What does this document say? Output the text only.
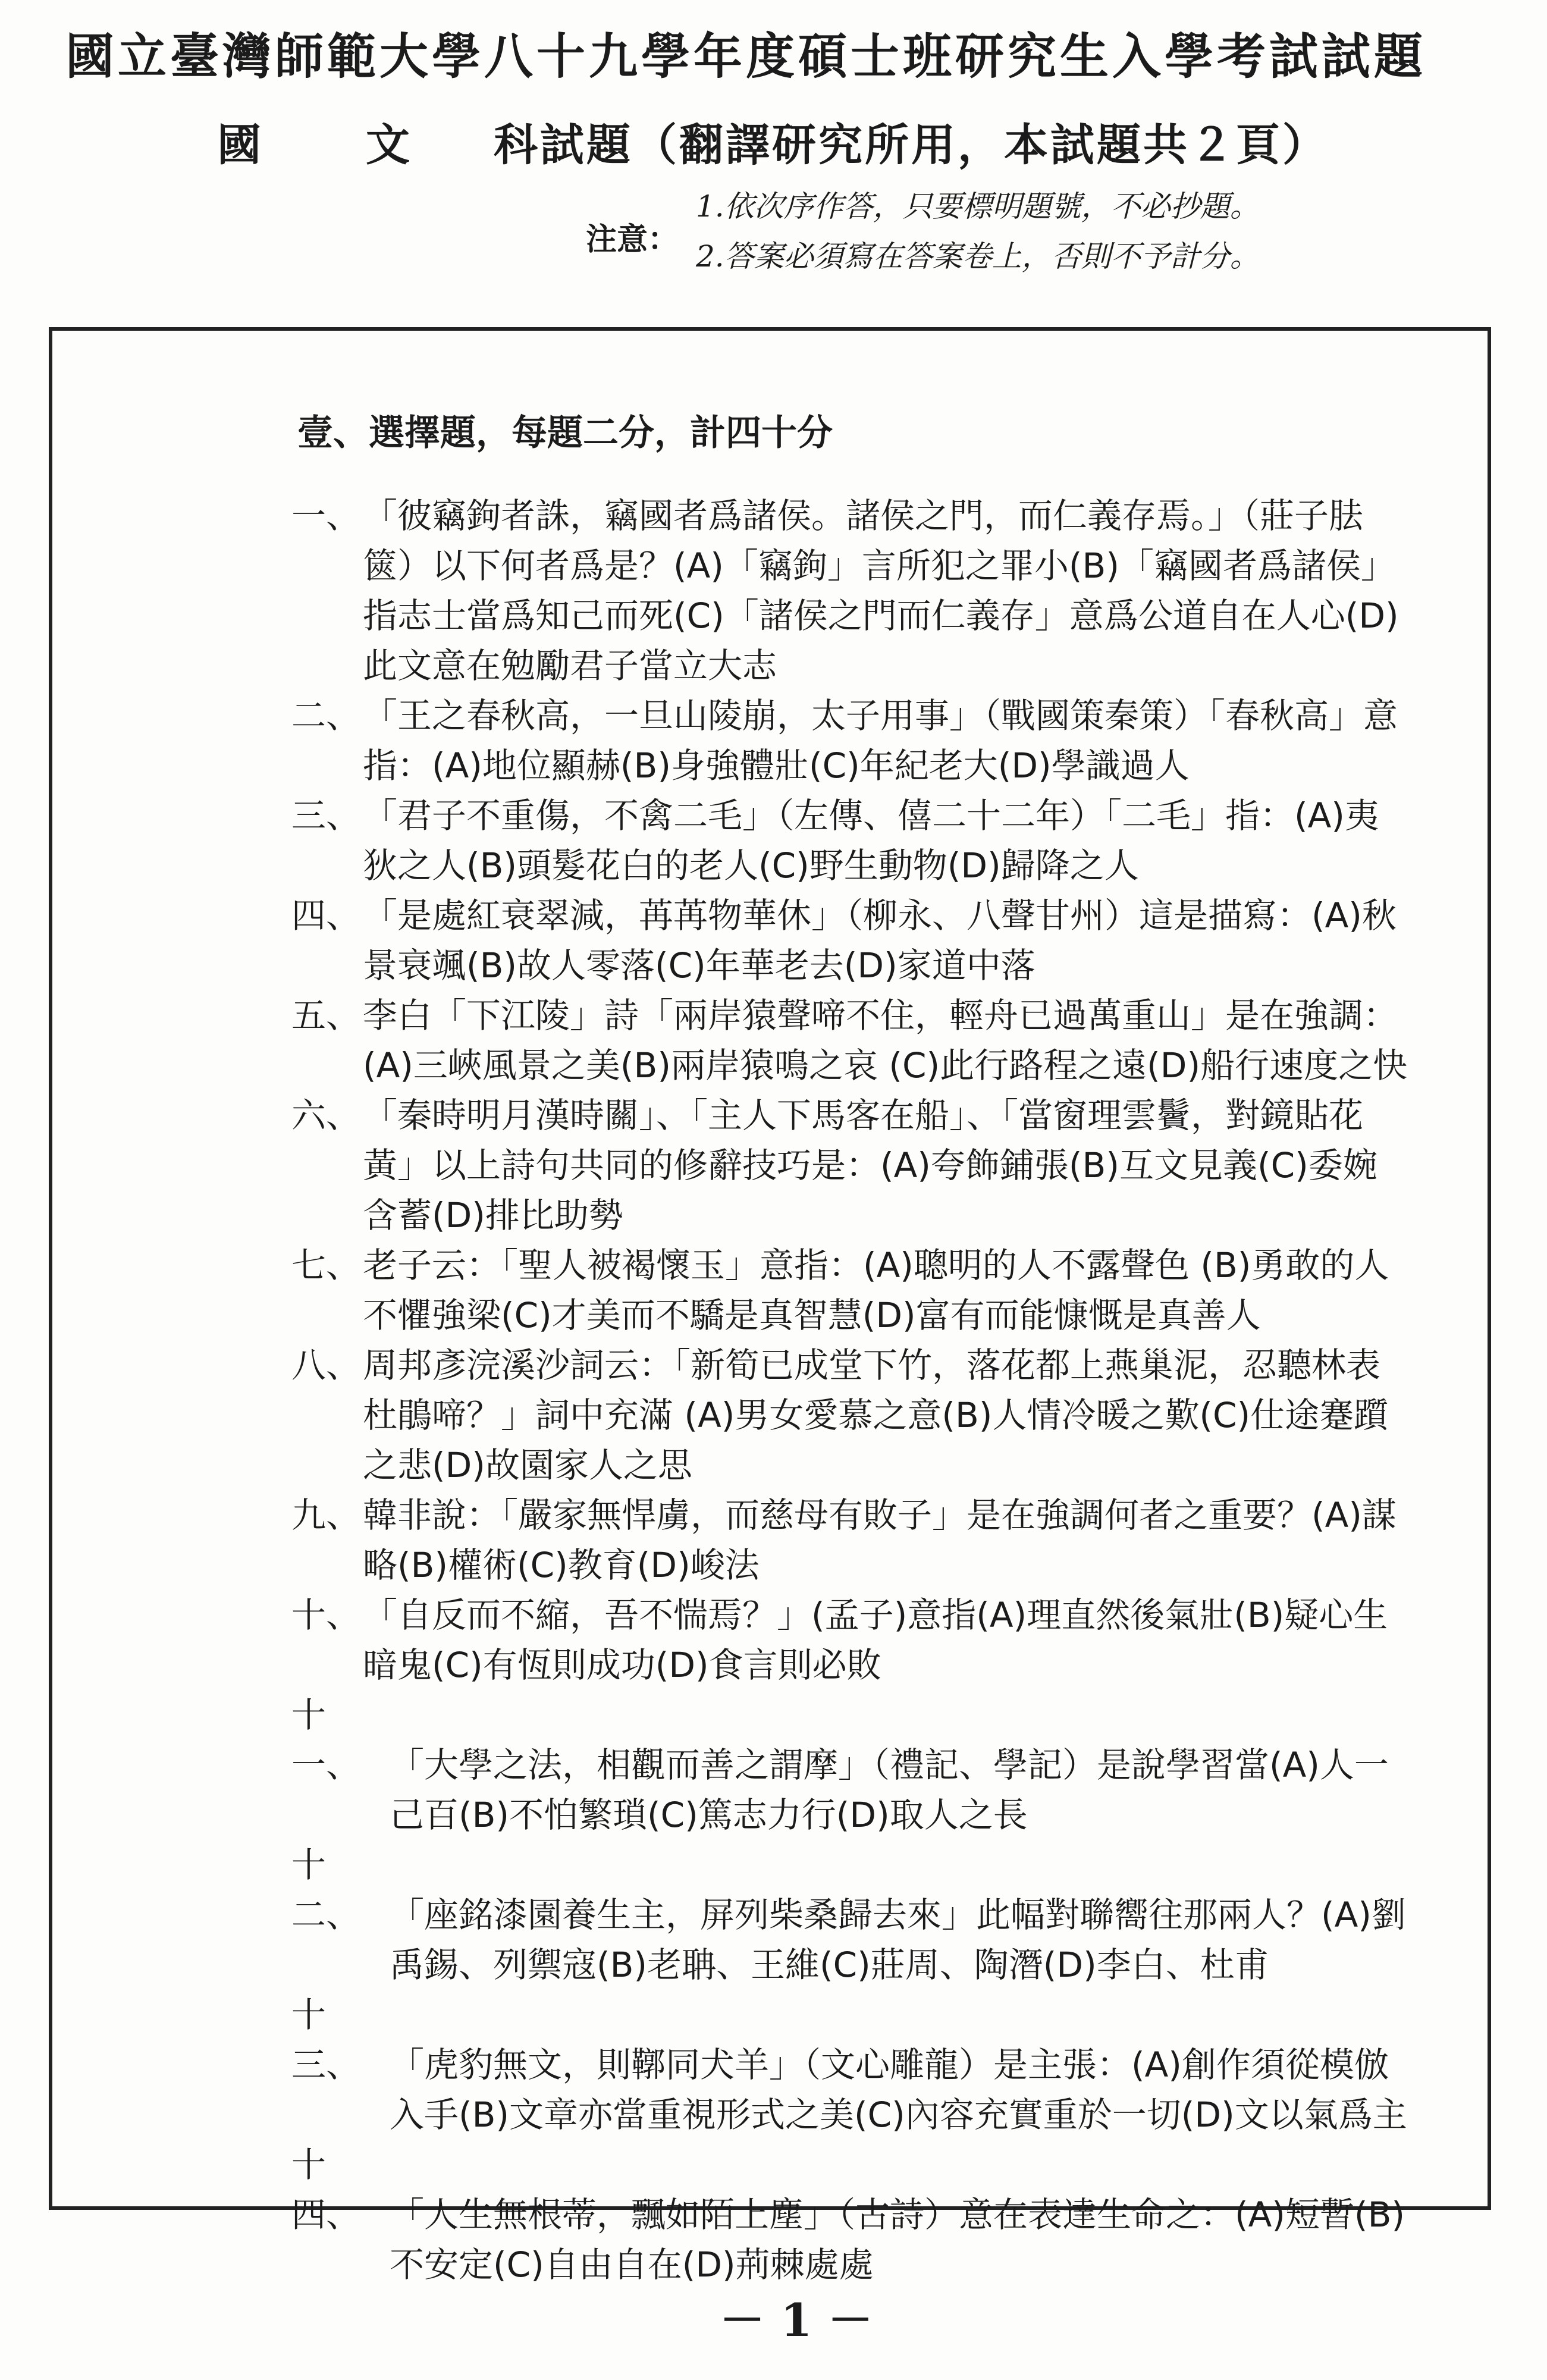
國立臺灣師範大學八十九學年度碩士班研究生入學考試試題
國 文 科試題（翻譯研究所用，本試題共２頁）
注意：
1.依次序作答，只要標明題號，不必抄題。
2.答案必須寫在答案卷上，否則不予計分。
壹、選擇題，每題二分，計四十分

一、「彼竊鉤者誅，竊國者爲諸侯。諸侯之門，而仁義存焉。」（莊子胠篋）以下何者爲是？(A)「竊鉤」言所犯之罪小(B)「竊國者爲諸侯」指志士當爲知己而死(C)「諸侯之門而仁義存」意爲公道自在人心(D)此文意在勉勵君子當立大志

二、「王之春秋高，一旦山陵崩，太子用事」（戰國策秦策）「春秋高」意指：(A)地位顯赫(B)身強體壯(C)年紀老大(D)學識過人

三、「君子不重傷，不禽二毛」（左傳、僖二十二年）「二毛」指：(A)夷狄之人(B)頭髮花白的老人(C)野生動物(D)歸降之人

四、「是處紅衰翠減，苒苒物華休」（柳永、八聲甘州）這是描寫：(A)秋景衰颯(B)故人零落(C)年華老去(D)家道中落

五、李白「下江陵」詩「兩岸猿聲啼不住，輕舟已過萬重山」是在強調：(A)三峽風景之美(B)兩岸猿鳴之哀 (C)此行路程之遠(D)船行速度之快

六、「秦時明月漢時關」、「主人下馬客在船」、「當窗理雲鬢，對鏡貼花黃」以上詩句共同的修辭技巧是：(A)夸飾鋪張(B)互文見義(C)委婉含蓄(D)排比助勢

七、老子云：「聖人被褐懷玉」意指：(A)聰明的人不露聲色 (B)勇敢的人不懼強梁(C)才美而不驕是真智慧(D)富有而能慷慨是真善人

八、周邦彥浣溪沙詞云：「新筍已成堂下竹，落花都上燕巢泥，忍聽林表杜鵑啼？」詞中充滿 (A)男女愛慕之意(B)人情冷暖之歎(C)仕途蹇躓之悲(D)故園家人之思

九、韓非說：「嚴家無悍虜，而慈母有敗子」是在強調何者之重要？(A)謀略(B)權術(C)教育(D)峻法

十、「自反而不縮，吾不惴焉？」(孟子)意指(A)理直然後氣壯(B)疑心生暗鬼(C)有恆則成功(D)食言則必敗

十一、 「大學之法，相觀而善之謂摩」（禮記、學記）是說學習當(A)人一己百(B)不怕繁瑣(C)篤志力行(D)取人之長

十二、 「座銘漆園養生主，屏列柴桑歸去來」此幅對聯嚮往那兩人？(A)劉禹錫、列禦寇(B)老聃、王維(C)莊周、陶潛(D)李白、杜甫

十三、 「虎豹無文，則鞹同犬羊」（文心雕龍）是主張：(A)創作須從模倣入手(B)文章亦當重視形式之美(C)內容充實重於一切(D)文以氣爲主

十四、 「人生無根蒂，飄如陌上塵」（古詩）意在表達生命之：(A)短暫(B)不安定(C)自由自在(D)荊棘處處

－ 1 －
